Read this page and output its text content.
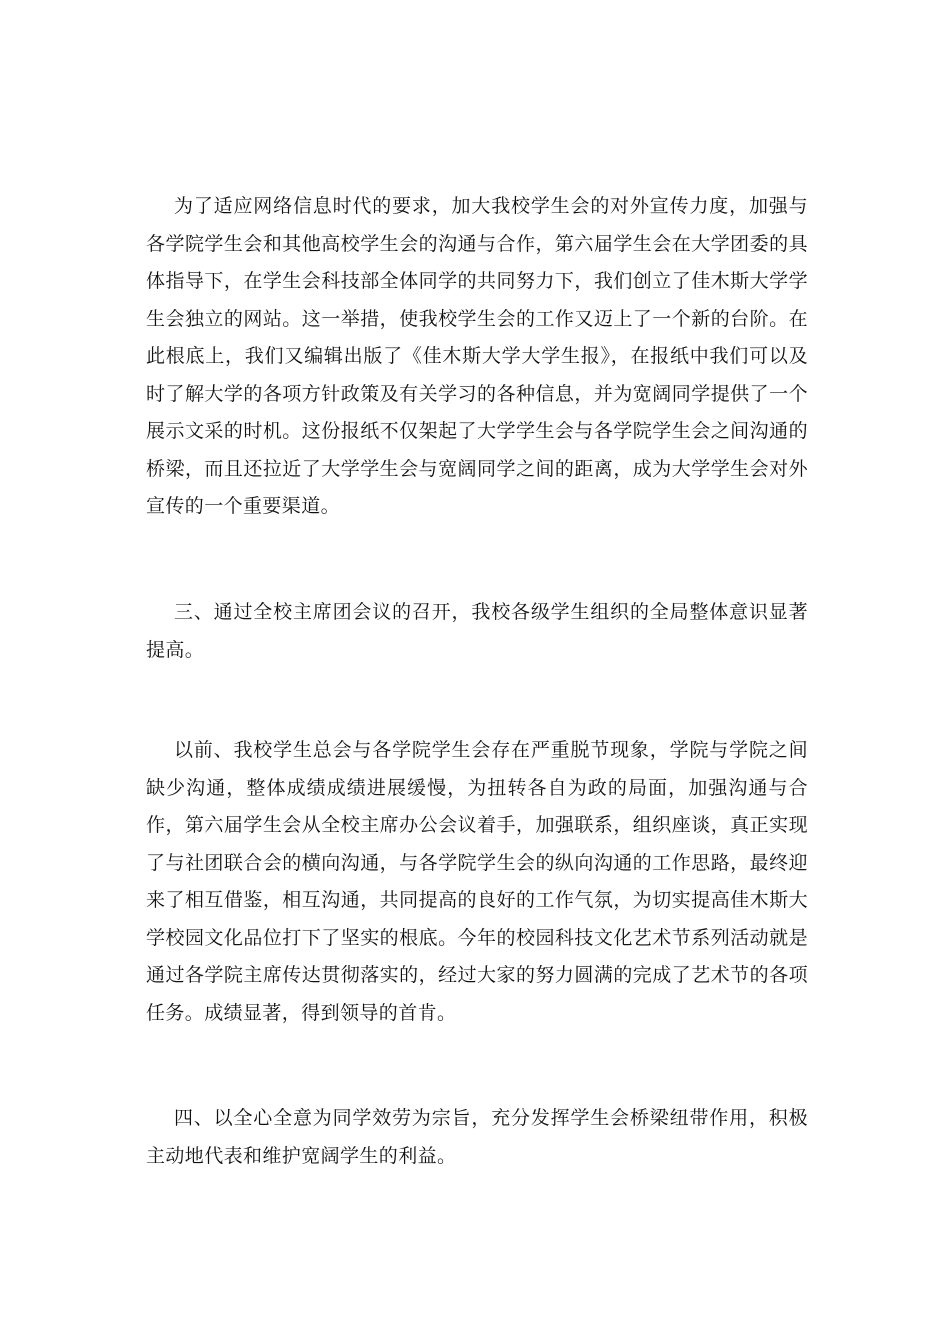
为了适应网络信息时代的要求，加大我校学生会的对外宣传力度，加强与各学院学生会和其他高校学生会的沟通与合作，第六届学生会在大学团委的具体指导下，在学生会科技部全体同学的共同努力下，我们创立了佳木斯大学学生会独立的网站。这一举措，使我校学生会的工作又迈上了一个新的台阶。在此根底上，我们又编辑出版了《佳木斯大学大学生报》，在报纸中我们可以及时了解大学的各项方针政策及有关学习的各种信息，并为宽阔同学提供了一个展示文采的时机。这份报纸不仅架起了大学学生会与各学院学生会之间沟通的桥梁，而且还拉近了大学学生会与宽阔同学之间的距离，成为大学学生会对外宣传的一个重要渠道。

三、通过全校主席团会议的召开，我校各级学生组织的全局整体意识显著提高。

以前、我校学生总会与各学院学生会存在严重脱节现象，学院与学院之间缺少沟通，整体成绩成绩进展缓慢，为扭转各自为政的局面，加强沟通与合作，第六届学生会从全校主席办公会议着手，加强联系，组织座谈，真正实现了与社团联合会的横向沟通，与各学院学生会的纵向沟通的工作思路，最终迎来了相互借鉴，相互沟通，共同提高的良好的工作气氛，为切实提高佳木斯大学校园文化品位打下了坚实的根底。今年的校园科技文化艺术节系列活动就是通过各学院主席传达贯彻落实的，经过大家的努力圆满的完成了艺术节的各项任务。成绩显著，得到领导的首肯。

四、以全心全意为同学效劳为宗旨，充分发挥学生会桥梁纽带作用，积极主动地代表和维护宽阔学生的利益。
